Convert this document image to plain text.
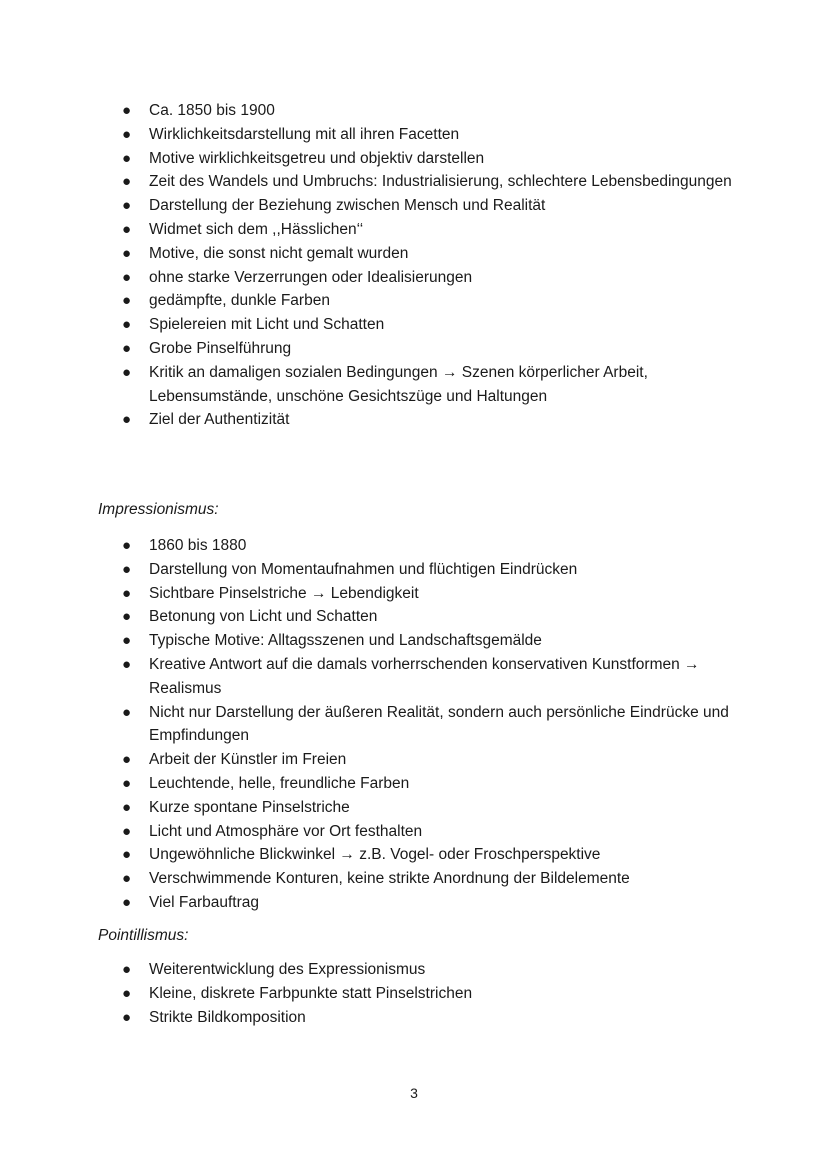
● Ca. 1850 bis 1900
● Wirklichkeitsdarstellung mit all ihren Facetten
● Motive wirklichkeitsgetreu und objektiv darstellen
● Zeit des Wandels und Umbruchs: Industrialisierung, schlechtere Lebensbedingungen
● Darstellung der Beziehung zwischen Mensch und Realität
● Widmet sich dem ,,Hässlichen‘‘
● Motive, die sonst nicht gemalt wurden
● ohne starke Verzerrungen oder Idealisierungen
● gedämpfte, dunkle Farben
● Spielereien mit Licht und Schatten
● Grobe Pinselführung
● Kritik an damaligen sozialen Bedingungen → Szenen körperlicher Arbeit, Lebensumstände, unschöne Gesichtszüge und Haltungen
● Ziel der Authentizität
Impressionismus:
● 1860 bis 1880
● Darstellung von Momentaufnahmen und flüchtigen Eindrücken
● Sichtbare Pinselstriche → Lebendigkeit
● Betonung von Licht und Schatten
● Typische Motive: Alltagsszenen und Landschaftsgemälde
● Kreative Antwort auf die damals vorherrschenden konservativen Kunstformen → Realismus
● Nicht nur Darstellung der äußeren Realität, sondern auch persönliche Eindrücke und Empfindungen
● Arbeit der Künstler im Freien
● Leuchtende, helle, freundliche Farben
● Kurze spontane Pinselstriche
● Licht und Atmosphäre vor Ort festhalten
● Ungewöhnliche Blickwinkel → z.B. Vogel- oder Froschperspektive
● Verschwimmende Konturen, keine strikte Anordnung der Bildelemente
● Viel Farbauftrag
Pointillismus:
● Weiterentwicklung des Expressionismus
● Kleine, diskrete Farbpunkte statt Pinselstrichen
● Strikte Bildkomposition
3
